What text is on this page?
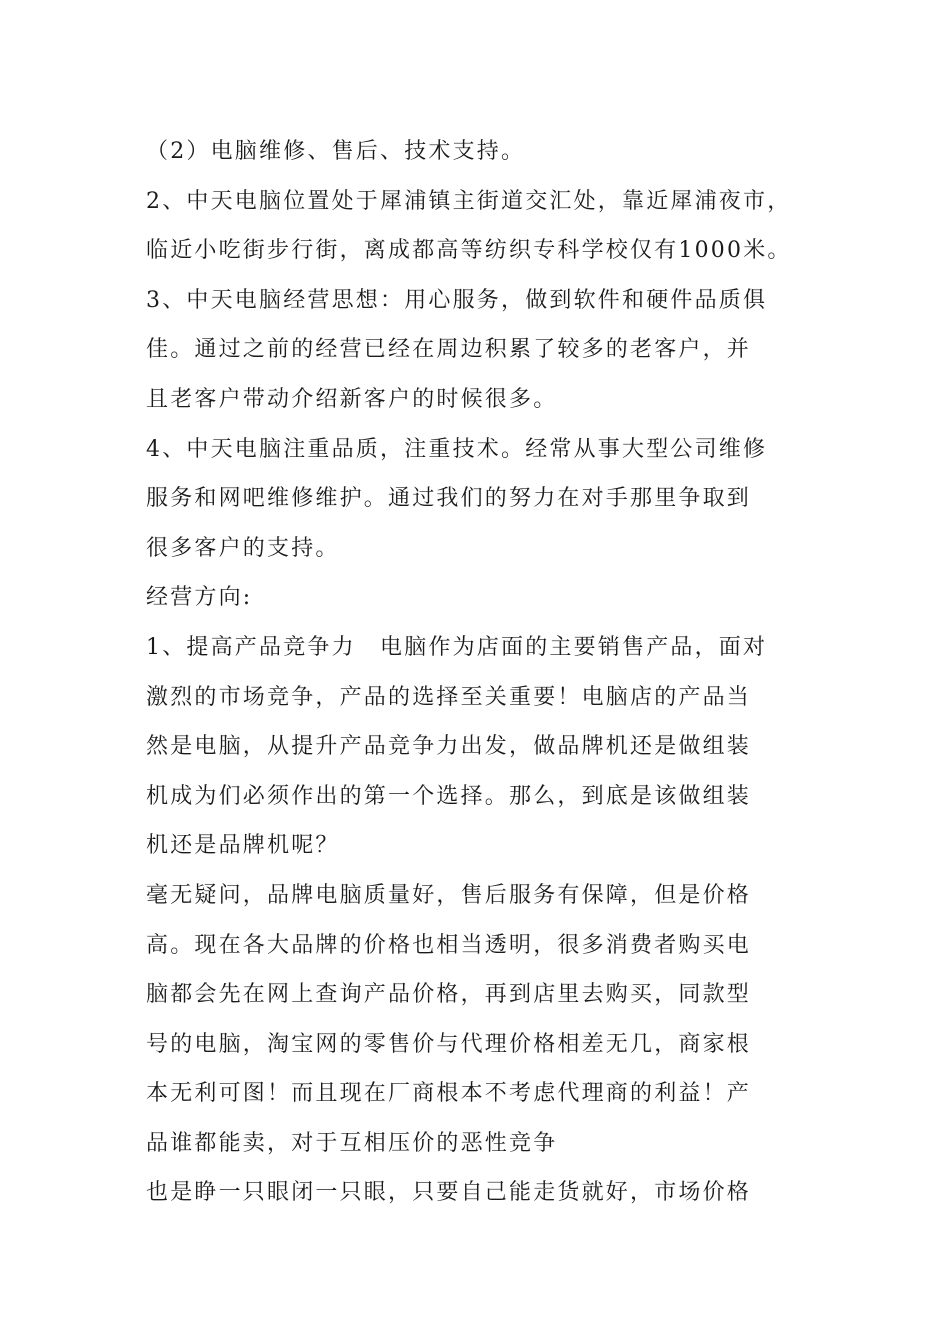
（2）电脑维修、售后、技术支持。
2、中天电脑位置处于犀浦镇主街道交汇处，靠近犀浦夜市，
临近小吃街步行街，离成都高等纺织专科学校仅有1000米。
3、中天电脑经营思想：用心服务，做到软件和硬件品质俱
佳。通过之前的经营已经在周边积累了较多的老客户，并
且老客户带动介绍新客户的时候很多。
4、中天电脑注重品质，注重技术。经常从事大型公司维修
服务和网吧维修维护。通过我们的努力在对手那里争取到
很多客户的支持。
经营方向:
1、提高产品竞争力　电脑作为店面的主要销售产品，面对
激烈的市场竞争，产品的选择至关重要！电脑店的产品当
然是电脑，从提升产品竞争力出发，做品牌机还是做组装
机成为们必须作出的第一个选择。那么，到底是该做组装
机还是品牌机呢？
毫无疑问，品牌电脑质量好，售后服务有保障，但是价格
高。现在各大品牌的价格也相当透明，很多消费者购买电
脑都会先在网上查询产品价格，再到店里去购买，同款型
号的电脑，淘宝网的零售价与代理价格相差无几，商家根
本无利可图！而且现在厂商根本不考虑代理商的利益！产
品谁都能卖，对于互相压价的恶性竞争
也是睁一只眼闭一只眼，只要自己能走货就好，市场价格
